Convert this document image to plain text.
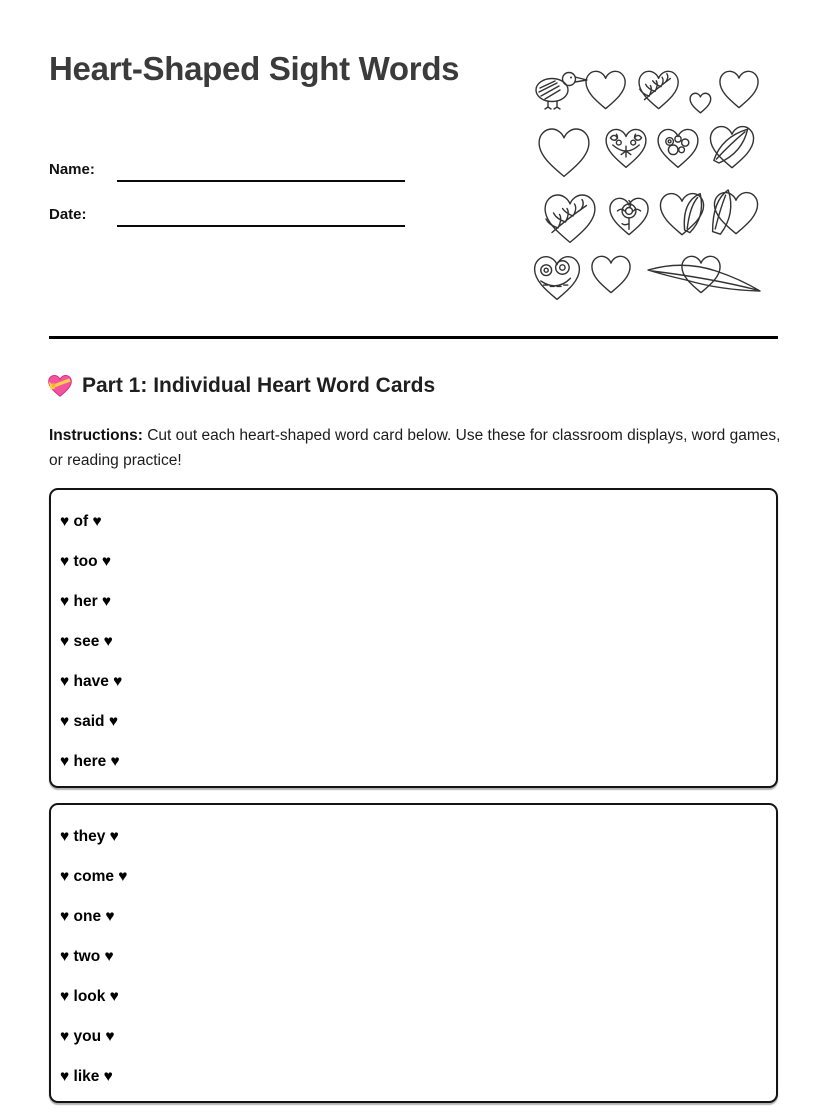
Heart-Shaped Sight Words
Name:
Date:
Part 1: Individual Heart Word Cards

Instructions: Cut out each heart-shaped word card below. Use these for classroom displays, word games, or reading practice!

♥ of ♥
♥ too ♥
♥ her ♥
♥ see ♥
♥ have ♥
♥ said ♥
♥ here ♥
♥ they ♥
♥ come ♥
♥ one ♥
♥ two ♥
♥ look ♥
♥ you ♥
♥ like ♥
